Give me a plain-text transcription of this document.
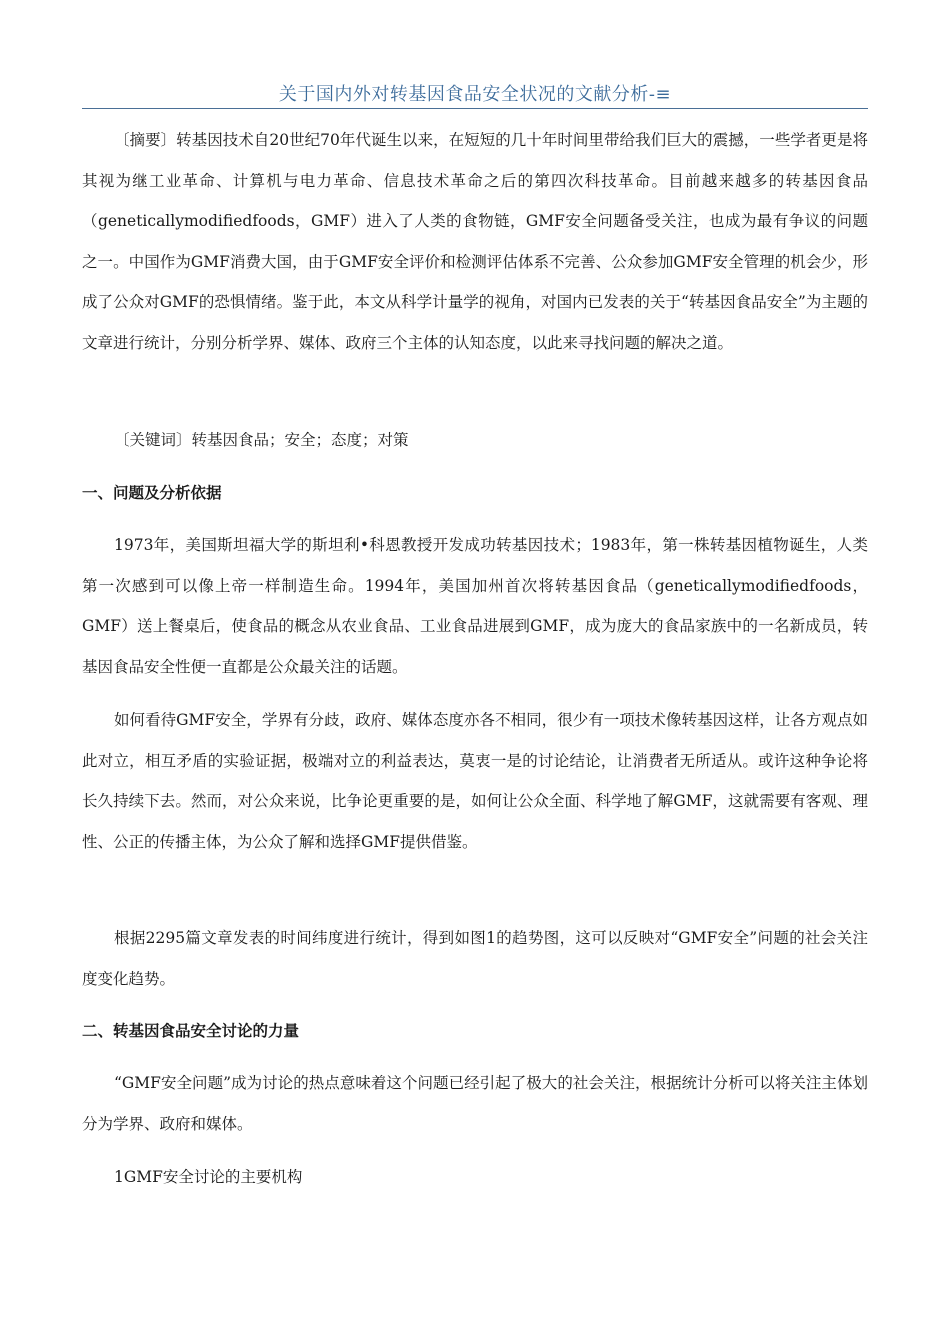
关于国内外对转基因食品安全状况的文献分析-≡

〔摘要〕转基因技术自20世纪70年代诞生以来，在短短的几十年时间里带给我们巨大的震撼，一些学者更是将其视为继工业革命、计算机与电力革命、信息技术革命之后的第四次科技革命。目前越来越多的转基因食品（geneticallymodifiedfoods，GMF）进入了人类的食物链，GMF安全问题备受关注，也成为最有争议的问题之一。中国作为GMF消费大国，由于GMF安全评价和检测评估体系不完善、公众参加GMF安全管理的机会少，形成了公众对GMF的恐惧情绪。鉴于此，本文从科学计量学的视角，对国内已发表的关于“转基因食品安全”为主题的文章进行统计，分别分析学界、媒体、政府三个主体的认知态度，以此来寻找问题的解决之道。

〔关键词〕转基因食品；安全；态度；对策

一、问题及分析依据

1973年，美国斯坦福大学的斯坦利•科恩教授开发成功转基因技术；1983年，第一株转基因植物诞生，人类第一次感到可以像上帝一样制造生命。1994年，美国加州首次将转基因食品（geneticallymodifiedfoods，GMF）送上餐桌后，使食品的概念从农业食品、工业食品进展到GMF，成为庞大的食品家族中的一名新成员，转基因食品安全性便一直都是公众最关注的话题。

如何看待GMF安全，学界有分歧，政府、媒体态度亦各不相同，很少有一项技术像转基因这样，让各方观点如此对立，相互矛盾的实验证据，极端对立的利益表达，莫衷一是的讨论结论，让消费者无所适从。或许这种争论将长久持续下去。然而，对公众来说，比争论更重要的是，如何让公众全面、科学地了解GMF，这就需要有客观、理性、公正的传播主体，为公众了解和选择GMF提供借鉴。

根据2295篇文章发表的时间纬度进行统计，得到如图1的趋势图，这可以反映对“GMF安全”问题的社会关注度变化趋势。

二、转基因食品安全讨论的力量

“GMF安全问题”成为讨论的热点意味着这个问题已经引起了极大的社会关注，根据统计分析可以将关注主体划分为学界、政府和媒体。

1GMF安全讨论的主要机构
